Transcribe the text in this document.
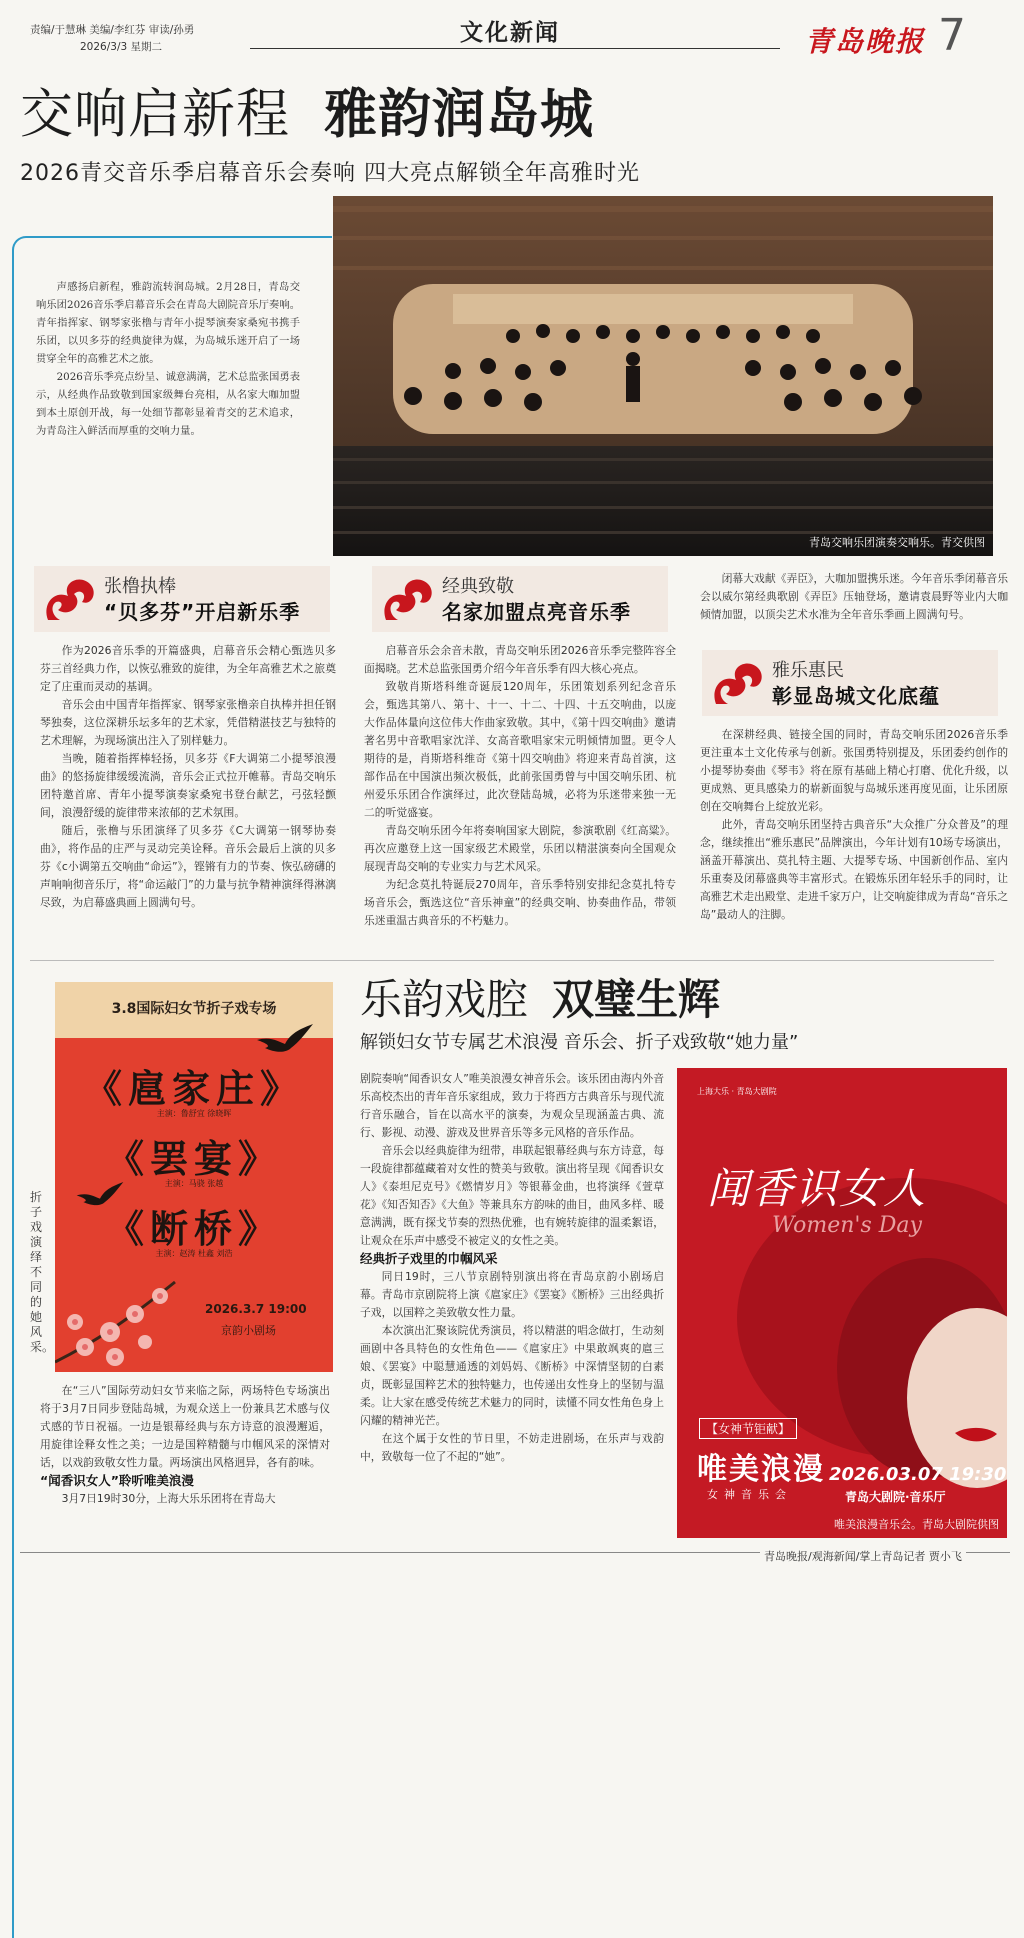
责编/于慧琳 美编/李红芬 审读/孙勇
2026/3/3 星期二
文化新闻	青岛晚报 7
交响启新程 雅韵润岛城
2026青交音乐季启幕音乐会奏响 四大亮点解锁全年高雅时光

声感扬启新程，雅韵流转润岛城。2月28日，青岛交响乐团2026音乐季启幕音乐会在青岛大剧院音乐厅奏响。青年指挥家、钢琴家张橹与青年小提琴演奏家桑宛书携手乐团，以贝多芬的经典旋律为媒，为岛城乐迷开启了一场贯穿全年的高雅艺术之旅。

2026音乐季亮点纷呈、诚意满满，艺术总监张国勇表示，从经典作品致敬到国家级舞台亮相，从名家大咖加盟到本土原创开战，每一处细节都彰显着青交的艺术追求，为青岛注入鲜活而厚重的交响力量。

青岛交响乐团演奏交响乐。青交供图
张橹执棒
“贝多芬”开启新乐季

作为2026音乐季的开篇盛典，启幕音乐会精心甄选贝多芬三首经典力作，以恢弘雅致的旋律，为全年高雅艺术之旅奠定了庄重而灵动的基调。

音乐会由中国青年指挥家、钢琴家张橹亲自执棒并担任钢琴独奏，这位深耕乐坛多年的艺术家，凭借精湛技艺与独特的艺术理解，为现场演出注入了别样魅力。

当晚，随着指挥棒轻扬，贝多芬《F大调第二小提琴浪漫曲》的悠扬旋律缓缓流淌，音乐会正式拉开帷幕。青岛交响乐团特邀首席、青年小提琴演奏家桑宛书登台献艺，弓弦轻颤间，浪漫舒缓的旋律带来浓郁的艺术氛围。

随后，张橹与乐团演绎了贝多芬《C大调第一钢琴协奏曲》，将作品的庄严与灵动完美诠释。音乐会最后上演的贝多芬《c小调第五交响曲“命运”》，铿锵有力的节奏、恢弘磅礴的声响响彻音乐厅，将“命运敲门”的力量与抗争精神演绎得淋漓尽致，为启幕盛典画上圆满句号。

经典致敬
名家加盟点亮音乐季

启幕音乐会余音未散，青岛交响乐团2026音乐季完整阵容全面揭晓。艺术总监张国勇介绍今年音乐季有四大核心亮点。

致敬肖斯塔科维奇诞辰120周年，乐团策划系列纪念音乐会，甄选其第八、第十、十一、十二、十四、十五交响曲，以庞大作品体量向这位伟大作曲家致敬。其中，《第十四交响曲》邀请著名男中音歌唱家沈洋、女高音歌唱家宋元明倾情加盟。更令人期待的是，肖斯塔科维奇《第十四交响曲》将迎来青岛首演，这部作品在中国演出频次极低，此前张国勇曾与中国交响乐团、杭州爱乐乐团合作演绎过，此次登陆岛城，必将为乐迷带来独一无二的听觉盛宴。

青岛交响乐团今年将奏响国家大剧院，参演歌剧《红高粱》。再次应邀登上这一国家级艺术殿堂，乐团以精湛演奏向全国观众展现青岛交响的专业实力与艺术风采。

为纪念莫扎特诞辰270周年，音乐季特别安排纪念莫扎特专场音乐会，甄选这位“音乐神童”的经典交响、协奏曲作品，带领乐迷重温古典音乐的不朽魅力。

闭幕大戏献《弄臣》，大咖加盟携乐迷。今年音乐季闭幕音乐会以威尔第经典歌剧《弄臣》压轴登场，邀请袁晨野等业内大咖倾情加盟，以顶尖艺术水准为全年音乐季画上圆满句号。

雅乐惠民
彰显岛城文化底蕴

在深耕经典、链接全国的同时，青岛交响乐团2026音乐季更注重本土文化传承与创新。张国勇特别提及，乐团委约创作的小提琴协奏曲《琴韦》将在原有基础上精心打磨、优化升级，以更成熟、更具感染力的崭新面貌与岛城乐迷再度见面，让乐团原创在交响舞台上绽放光彩。

此外，青岛交响乐团坚持古典音乐“大众推广分众普及”的理念，继续推出“雅乐惠民”品牌演出，今年计划有10场专场演出，涵盖开幕演出、莫扎特主题、大提琴专场、中国新创作品、室内乐重奏及闭幕盛典等丰富形式。在锻炼乐团年轻乐手的同时，让高雅艺术走出殿堂、走进千家万户，让交响旋律成为青岛“音乐之岛”最动人的注脚。

乐韵戏腔 双璧生辉
解锁妇女节专属艺术浪漫 音乐会、折子戏致敬“她力量”
3.8国际妇女节折子戏专场
《扈家庄》
主演：鲁舒宜 徐晓晖
《罢宴》
主演：马骁 张越
《断桥》
主演：赵涛 杜鑫 刘浩
2026.3.7 19:00
京韵小剧场
折子戏演绎不同的她风采。

在“三八”国际劳动妇女节来临之际，两场特色专场演出将于3月7日同步登陆岛城，为观众送上一份兼具艺术感与仪式感的节日祝福。一边是银幕经典与东方诗意的浪漫邂逅，用旋律诠释女性之美；一边是国粹精髓与巾帼风采的深情对话，以戏韵致敬女性力量。两场演出风格迥异，各有韵味。

“闻香识女人”聆听唯美浪漫

3月7日19时30分，上海大乐乐团将在青岛大

剧院奏响“闻香识女人”唯美浪漫女神音乐会。该乐团由海内外音乐高校杰出的青年音乐家组成，致力于将西方古典音乐与现代流行音乐融合，旨在以高水平的演奏，为观众呈现涵盖古典、流行、影视、动漫、游戏及世界音乐等多元风格的音乐作品。

音乐会以经典旋律为纽带，串联起银幕经典与东方诗意，每一段旋律都蕴藏着对女性的赞美与致敬。演出将呈现《闻香识女人》《泰坦尼克号》《燃情岁月》等银幕金曲，也将演绎《萱草花》《知否知否》《大鱼》等兼具东方韵味的曲目，曲风多样、暖意满满，既有探戈节奏的烈热优雅，也有婉转旋律的温柔絮语，让观众在乐声中感受不被定义的女性之美。

经典折子戏里的巾帼风采

同日19时，三八节京剧特别演出将在青岛京韵小剧场启幕。青岛市京剧院将上演《扈家庄》《罢宴》《断桥》三出经典折子戏，以国粹之美致敬女性力量。

本次演出汇聚该院优秀演员，将以精湛的唱念做打，生动刻画剧中各具特色的女性角色——《扈家庄》中果敢飒爽的扈三娘、《罢宴》中聪慧通透的刘妈妈、《断桥》中深情坚韧的白素贞，既彰显国粹艺术的独特魅力，也传递出女性身上的坚韧与温柔。让大家在感受传统艺术魅力的同时，读懂不同女性角色身上闪耀的精神光芒。

在这个属于女性的节日里，不妨走进剧场，在乐声与戏韵中，致敬每一位了不起的“她”。

上海大乐 · 青岛大剧院
闻香识女人
Women's Day
【女神节钜献】
唯美浪漫
女神音乐会
2026.03.07 19:30
青岛大剧院·音乐厅
唯美浪漫音乐会。青岛大剧院供图
青岛晚报/观海新闻/掌上青岛记者 贾小飞
